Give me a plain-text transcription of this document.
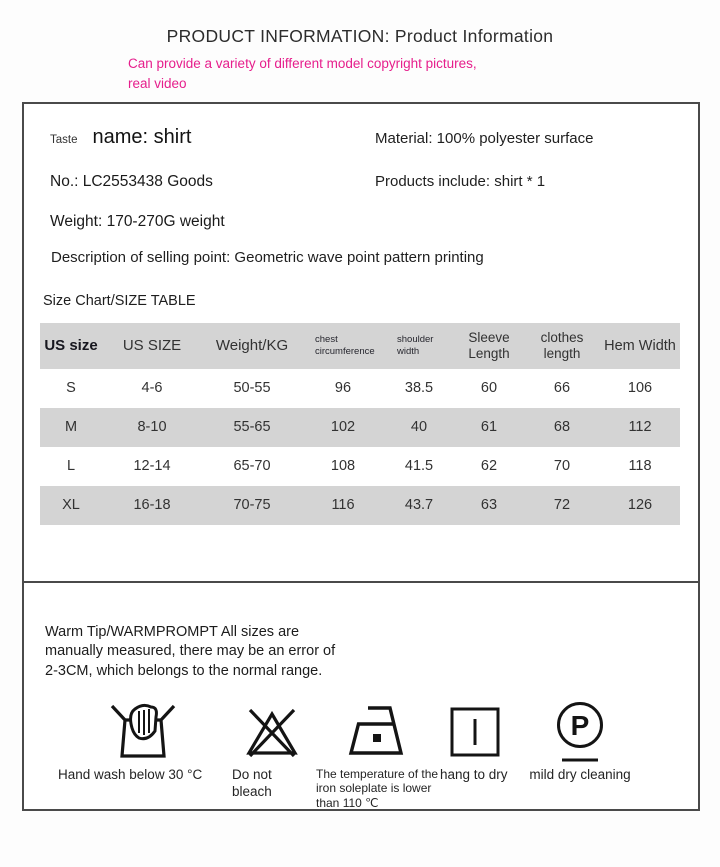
PRODUCT INFORMATION: Product Information
Can provide a variety of different model copyright pictures,
real video
Taste name: shirt	Material: 100% polyester surface
No.: LC2553438 Goods	Products include: shirt * 1
Weight: 170-270G weight
Description of selling point: Geometric wave point pattern printing
Size Chart/SIZE TABLE
US size	US SIZE	Weight/KG	chest circumference	shoulder width	Sleeve Length	clothes length	Hem Width
S	4-6	50-55	96	38.5	60	66	106
M	8-10	55-65	102	40	61	68	112
L	12-14	65-70	108	41.5	62	70	118
XL	16-18	70-75	116	43.7	63	72	126
Warm Tip/WARMPROMPT All sizes are
manually measured, there may be an error of
2-3CM, which belongs to the normal range.
Hand wash below 30 °C	Do not bleach
The temperature of the iron soleplate is lower than 110 ℃
hang to dry
P
mild dry cleaning
